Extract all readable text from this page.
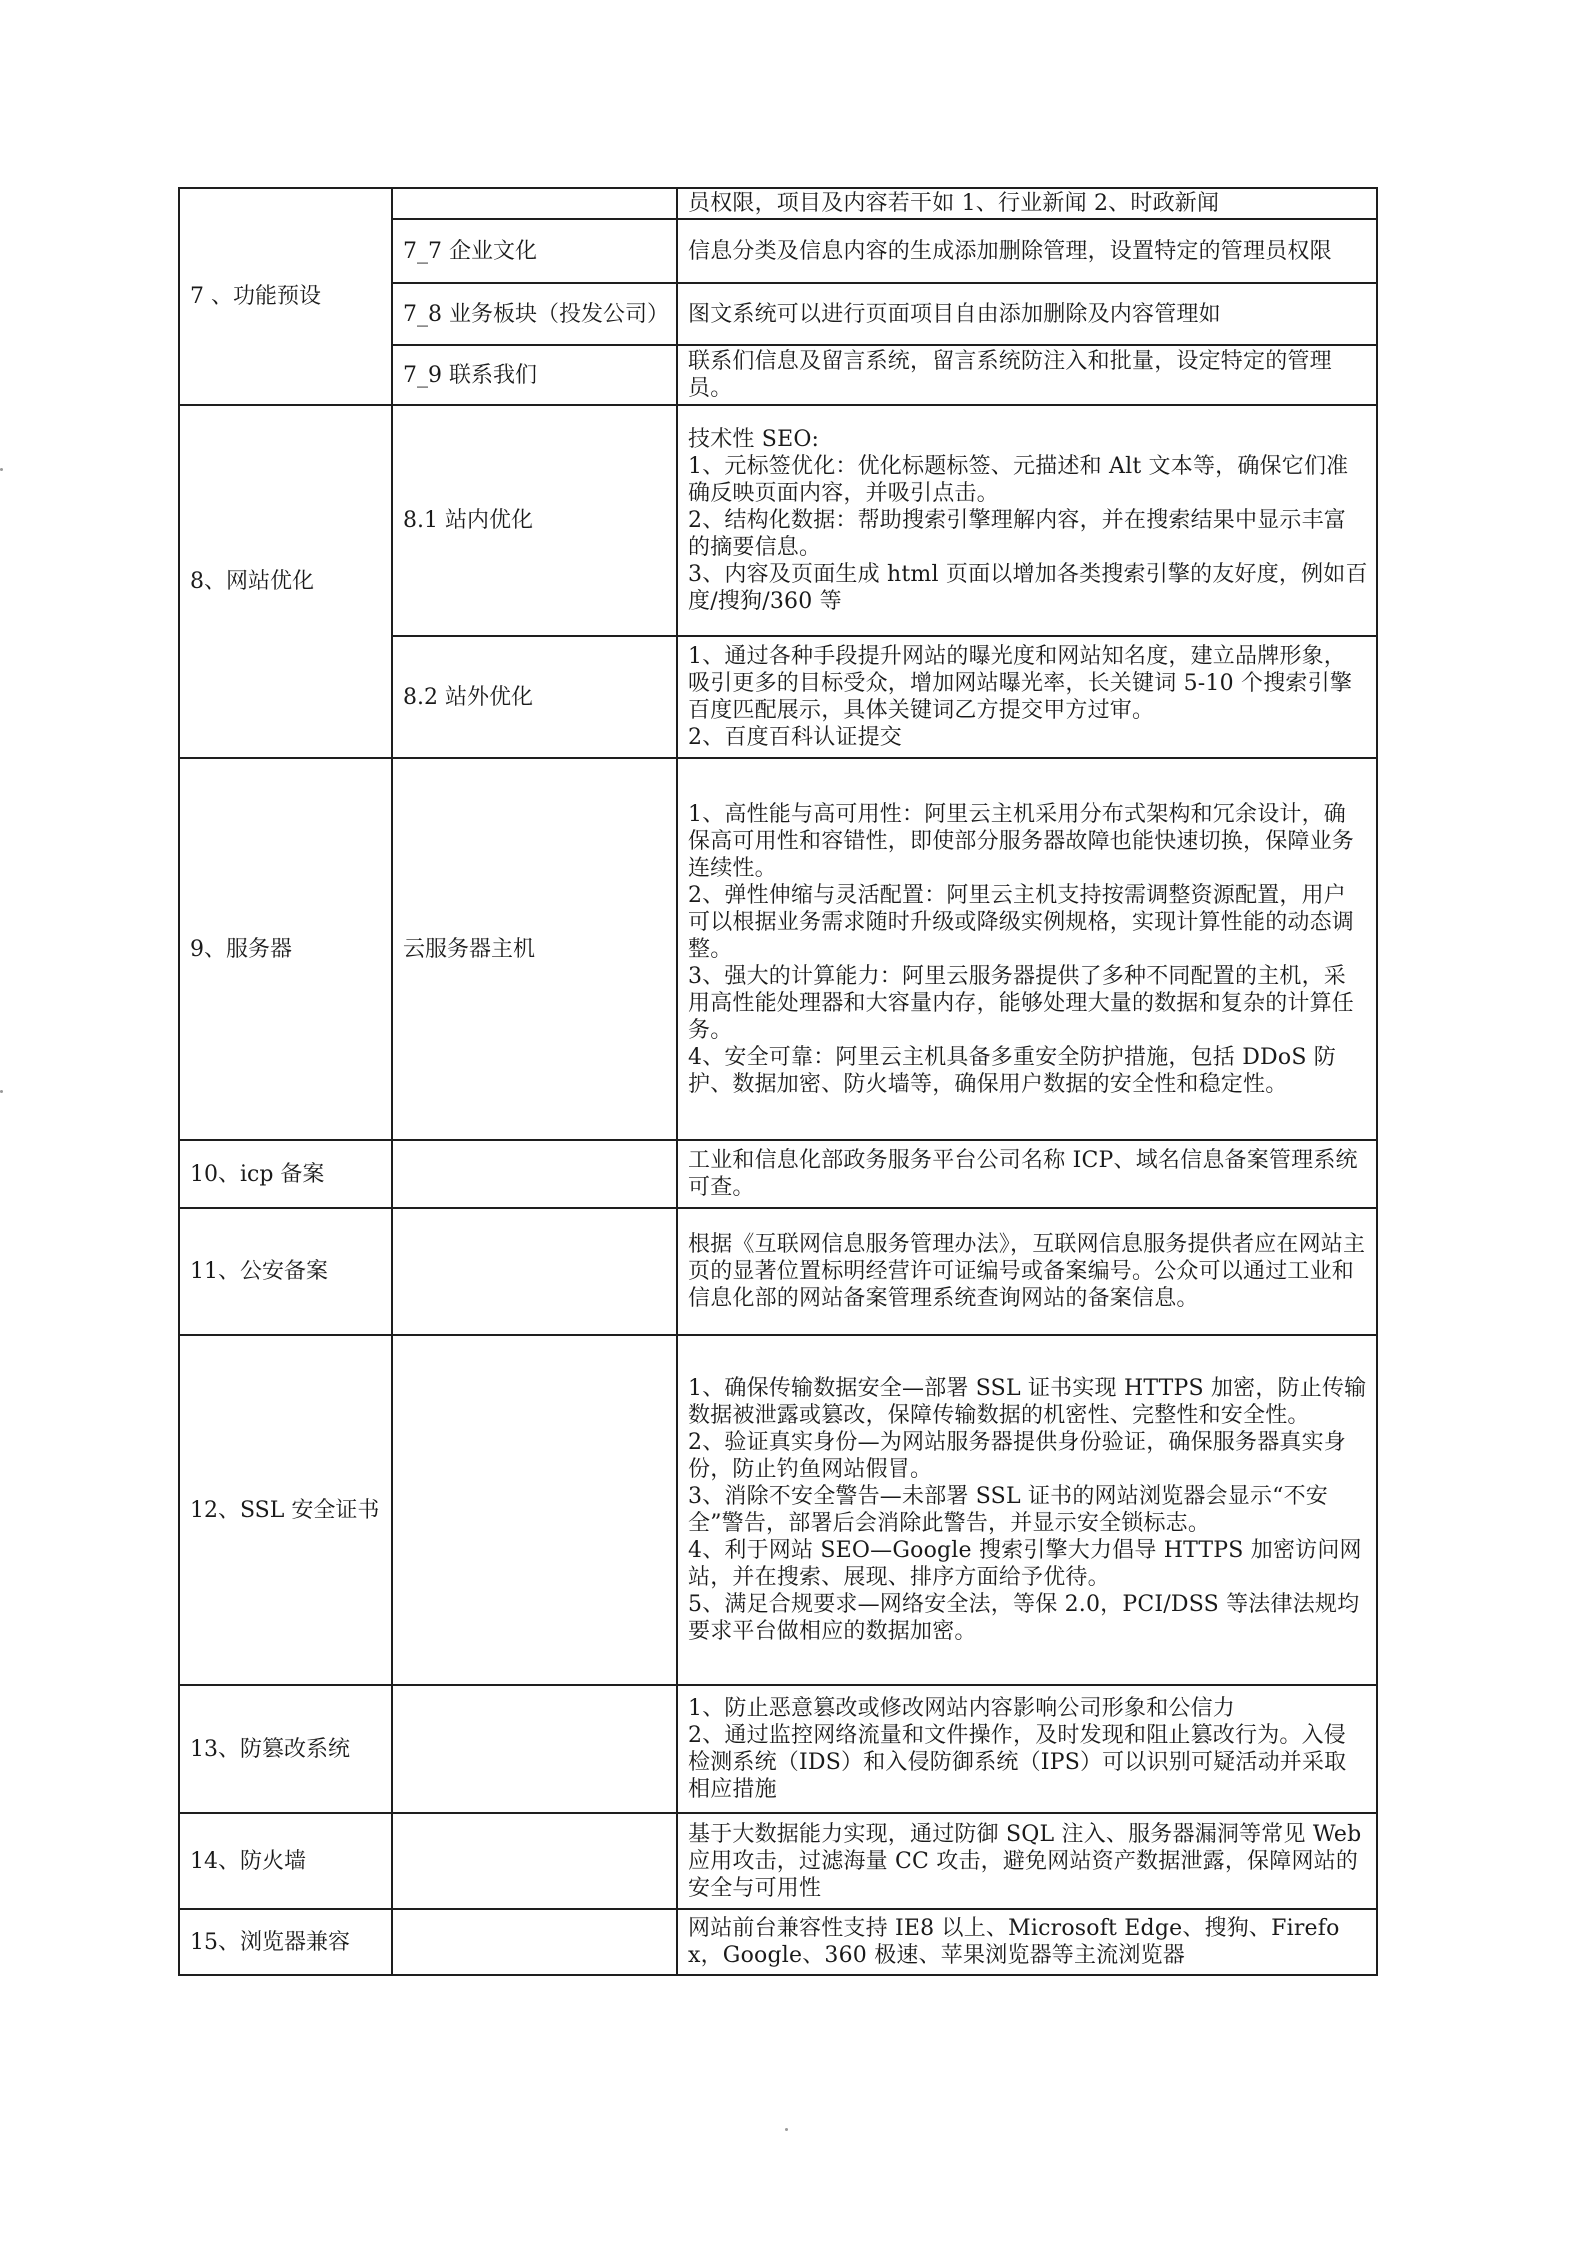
7 、功能预设		员权限，项目及内容若干如 1、行业新闻 2、时政新闻

	7_7 企业文化	信息分类及信息内容的生成添加删除管理，设置特定的管理员权限

	7_8 业务板块（投发公司）	图文系统可以进行页面项目自由添加删除及内容管理如

	7_9 联系我们	联系们信息及留言系统，留言系统防注入和批量，设定特定的管理员。

8、网站优化	8.1 站内优化	技术性 SEO:
1、元标签优化：优化标题标签、元描述和 Alt 文本等，确保它们准确反映页面内容，并吸引点击。
2、结构化数据：帮助搜索引擎理解内容，并在搜索结果中显示丰富的摘要信息。
3、内容及页面生成 html 页面以增加各类搜索引擎的友好度，例如百度/搜狗/360 等

	8.2 站外优化	1、通过各种手段提升网站的曝光度和网站知名度，建立品牌形象，吸引更多的目标受众，增加网站曝光率，长关键词 5-10 个搜索引擎百度匹配展示，具体关键词乙方提交甲方过审。
2、百度百科认证提交

9、服务器	云服务器主机	1、高性能与高可用性：阿里云主机采用分布式架构和冗余设计，确保高可用性和容错性，即使部分服务器故障也能快速切换，保障业务连续性。
2、弹性伸缩与灵活配置：阿里云主机支持按需调整资源配置，用户可以根据业务需求随时升级或降级实例规格，实现计算性能的动态调整。
3、强大的计算能力：阿里云服务器提供了多种不同配置的主机，采用高性能处理器和大容量内存，能够处理大量的数据和复杂的计算任务。
4、安全可靠：阿里云主机具备多重安全防护措施，包括 DDoS 防护、数据加密、防火墙等，确保用户数据的安全性和稳定性。

10、icp 备案		工业和信息化部政务服务平台公司名称 ICP、域名信息备案管理系统可查。

11、公安备案		根据《互联网信息服务管理办法》，互联网信息服务提供者应在网站主页的显著位置标明经营许可证编号或备案编号。公众可以通过工业和信息化部的网站备案管理系统查询网站的备案信息。

12、SSL 安全证书		1、确保传输数据安全—部署 SSL 证书实现 HTTPS 加密，防止传输数据被泄露或篡改，保障传输数据的机密性、完整性和安全性。
2、验证真实身份—为网站服务器提供身份验证，确保服务器真实身份，防止钓鱼网站假冒。
3、消除不安全警告—未部署 SSL 证书的网站浏览器会显示“不安全”警告，部署后会消除此警告，并显示安全锁标志。
4、利于网站 SEO—Google 搜索引擎大力倡导 HTTPS 加密访问网站，并在搜索、展现、排序方面给予优待。
5、满足合规要求—网络安全法，等保 2.0，PCI/DSS 等法律法规均要求平台做相应的数据加密。

13、防篡改系统		1、防止恶意篡改或修改网站内容影响公司形象和公信力
2、通过监控网络流量和文件操作，及时发现和阻止篡改行为。入侵检测系统（IDS）和入侵防御系统（IPS）可以识别可疑活动并采取相应措施

14、防火墙		基于大数据能力实现，通过防御 SQL 注入、服务器漏洞等常见 Web 应用攻击，过滤海量 CC 攻击，避免网站资产数据泄露，保障网站的安全与可用性

15、浏览器兼容		网站前台兼容性支持 IE8 以上、Microsoft Edge、搜狗、Firefox，Google、360 极速、苹果浏览器等主流浏览器
